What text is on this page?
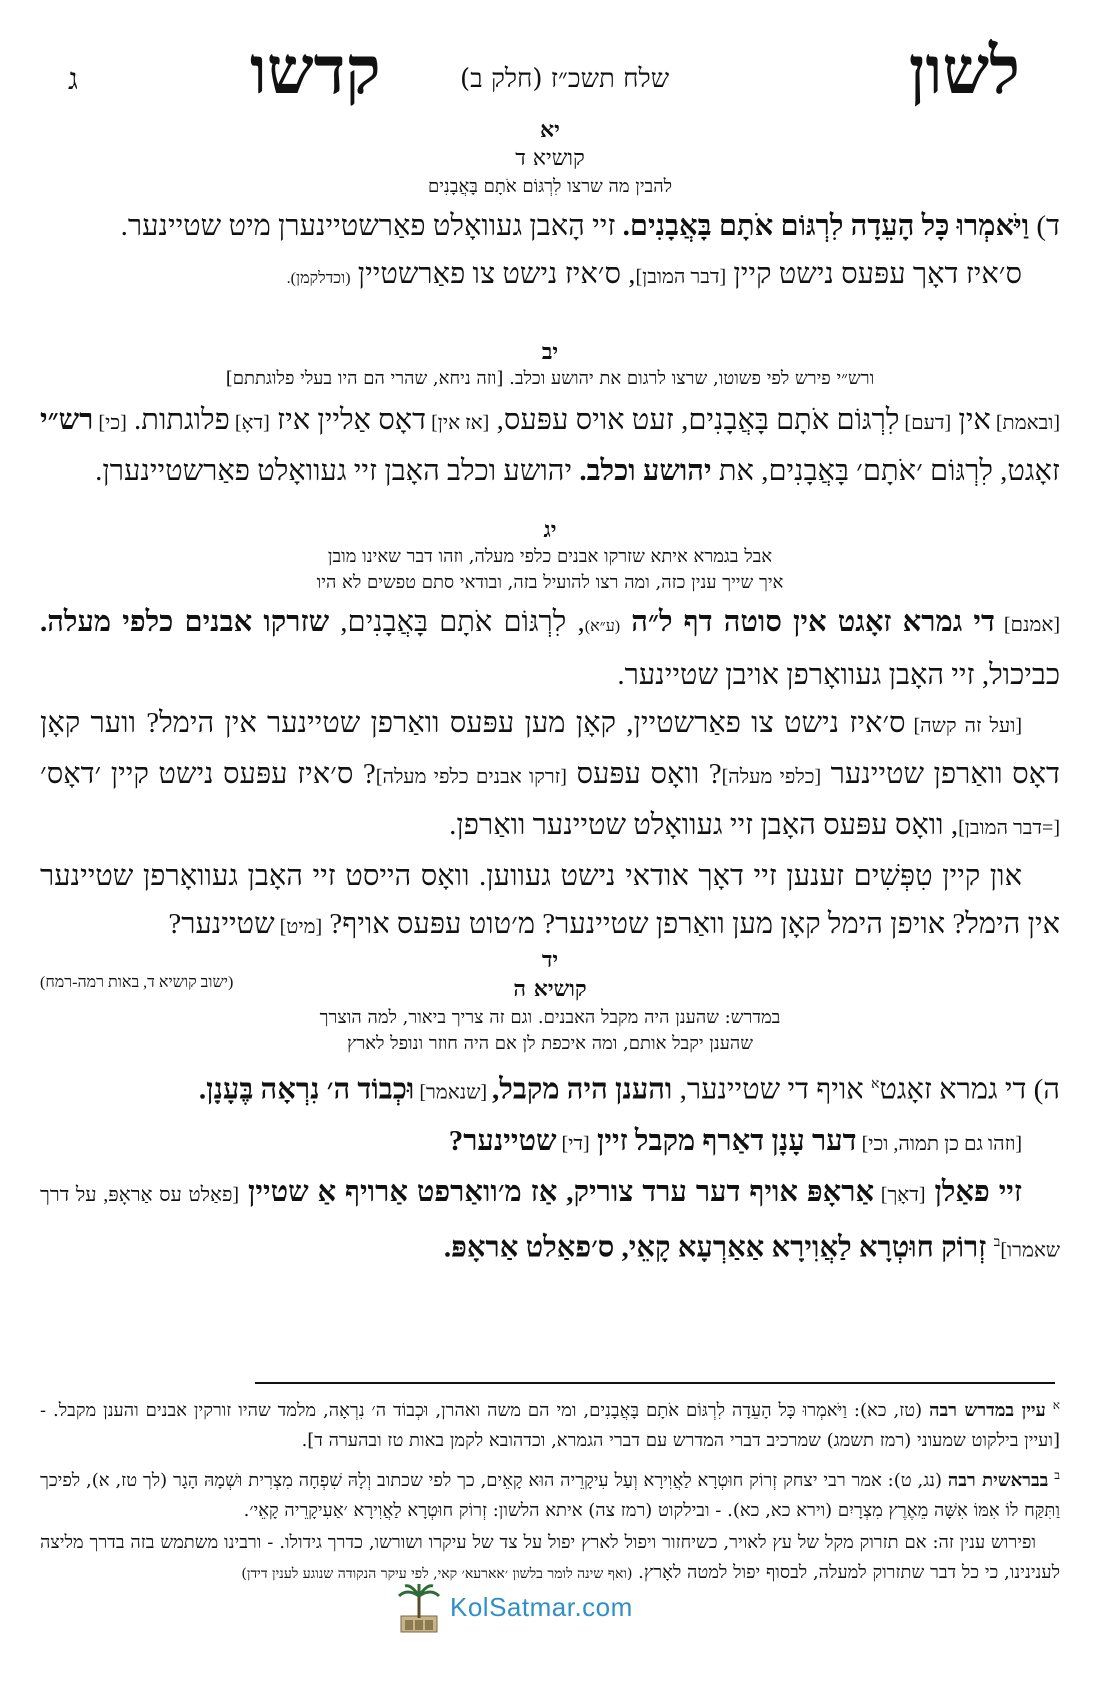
ג	קדשו	שלח תשכ״ז (חלק ב)	לשון

יא

קושיא ד

להבין מה שרצו לִרְגּוֹם אֹתָם בָּאֲבָנִים

ד) וַיֹּאמְרוּ כָּל הָעֵדָה לִרְגּוֹם אֹתָם בָּאֲבָנִים. זיי הָאבן געוואָלט פאַרשטיינערן מיט שטיינער.

ס׳איז דאָך עפּעס נישט קיין [דבר המובן], ס׳איז נישט צו פאַרשטיין (וכדלקמן).

יב

ורש״י פירש לפי פשוטו, שרצו לרגום את יהושע וכלב. [וזה ניחא, שהרי הם היו בעלי פלוגתתם]

[ובאמת] אין [דעם] לִרְגּוֹם אֹתָם בָּאֲבָנִים, זעט אויס עפּעס, [אז אין] דאָס אַליין איז [דאָ] פלוגתות. [כי] רש״י זאָגט, לִרְגּוֹם ׳אֹתָם׳ בָּאֲבָנִים, את יהושע וכלב. יהושע וכלב האָבן זיי געוואָלט פאַרשטיינערן.

יג

אבל בגמרא איתא שזרקו אבנים כלפי מעלה, וזהו דבר שאינו מובן

איך שייך ענין כזה, ומה רצו להועיל בזה, ובודאי סתם טפשים לא היו

[אמנם] די גמרא זאָגט אין סוטה דף ל״ה (ע״א), לִרְגּוֹם אֹתָם בָּאֲבָנִים, שזרקו אבנים כלפי מעלה. כביכול, זיי האָבן געוואָרפן אויבן שטיינער.

[ועל זה קשה] ס׳איז נישט צו פאַרשטיין, קאָן מען עפּעס וואַרפן שטיינער אין הימל? ווער קאָן דאָס וואַרפן שטיינער [כלפי מעלה]? וואָס עפּעס [זרקו אבנים כלפי מעלה]? ס׳איז עפּעס נישט קיין ׳דאָס׳ [=דבר המובן], וואָס עפּעס האָבן זיי געוואָלט שטיינער וואַרפן.

און קיין טִפְּשִׁים זענען זיי דאָך אודאי נישט געווען. וואָס הייסט זיי האָבן געוואָרפן שטיינער אין הימל? אויפן הימל קאָן מען וואַרפן שטיינער? מ׳טוט עפּעס אויף? [מיט] שטיינער?
(ישוב קושיא ד, באות רמה-רמח)

יד

קושיא ה

במדרש: שהענן היה מקבל האבנים. וגם זה צריך ביאור, למה הוצרך

שהענן יקבל אותם, ומה איכפת לן אם היה חוזר ונופל לארץ

ה) די גמרא זאָגט$^א$ אויף די שטיינער, והענן היה מקבל, [שנאמר] וּכְבוֹד ה׳ נִרְאָה בֶּעָנָן.

[וזהו גם כן תמוה, וכי] דער עָנָן דאַרף מקבל זיין [די] שטיינער?

זיי פאַלן [דאָך] אַראָפּ אויף דער ערד צוריק, אַז מ׳וואַרפט אַרויף אַ שטיין [פאַלט עס אַראָפּ, על דרך שאמרו]$^ב$ זְרוֹק חוּטְרָא לַאֲוִירָא אַאַרְעָא קָאֵי, ס׳פאַלט אַראָפּ.

$^א$ עיין במדרש רבה (טז, כא): וַיֹּאמְרוּ כָּל הָעֵדָה לִרְגּוֹם אֹתָם בָּאֲבָנִים, ומי הם משה ואהרן, וּכְבוֹד ה׳ נִרְאָה, מלמד שהיו זורקין אבנים והענן מקבל. - [ועיין בילקוט שמעוני (רמז תשמג) שמרכיב דברי המדרש עם דברי הגמרא, וכדהובא לקמן באות טז ובהערה ד].

$^ב$ בבראשית רבה (נג, ט): אמר רבי יצחק זְרוֹק חוּטְרָא לַאֲוִירָא וְעַל עִיקָרֵיה הוּא קָאֵים, כך לפי שכתוב וְלָהּ שִׁפְחָה מִצְרִית וּשְׁמָהּ הָגָר (לך טז, א), לפיכך וַתִּקַּח לוֹ אִמּוֹ אִשָּׁה מֵאֶרֶץ מִצְרָיִם (וירא כא, כא). - ובילקוט (רמז צה) איתא הלשון: זְרוֹק חוּטְרָא לַאֲוִירָא ׳אַעִיקָרֵיה קָאֵי׳.

ופירוש ענין זה: אם תזרוק מקל של עץ לאויר, כשיחזור ויפול לארץ יפול על צד של עיקרו ושורשו, כדרך גידולו. - ורבינו משתמש בזה בדרך מליצה לענינינו, כי כל דבר שתזרוק למעלה, לבסוף יפול למטה לאָרץ. (ואף שינה לומר בלשון ׳אארעא׳ קאי, לפי עיקר הנקודה שנוגע לענין דידן)

KolSatmar.com
